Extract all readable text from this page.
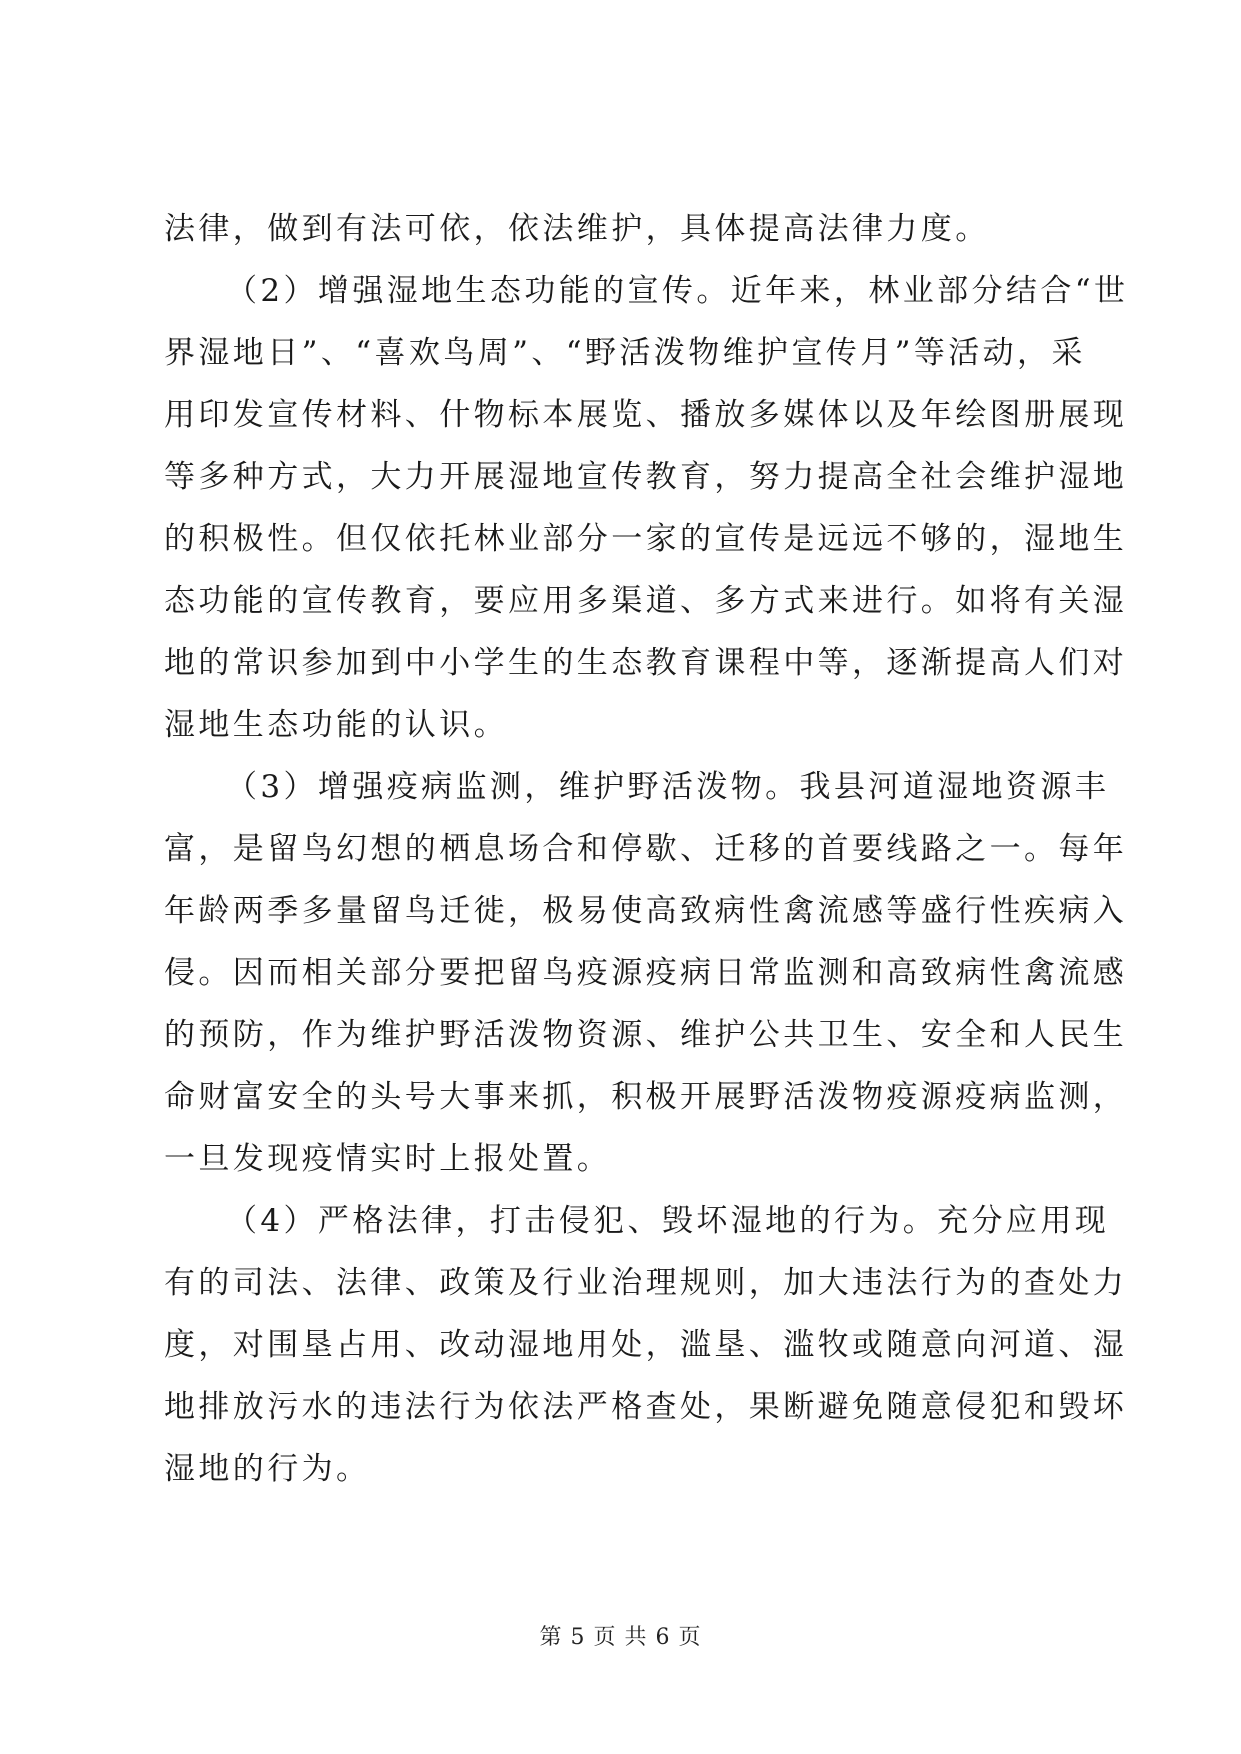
法律，做到有法可依，依法维护，具体提高法律力度。
（2）增强湿地生态功能的宣传。近年来，林业部分结合“世
界湿地日”、“喜欢鸟周”、“野活泼物维护宣传月”等活动，采
用印发宣传材料、什物标本展览、播放多媒体以及年绘图册展现
等多种方式，大力开展湿地宣传教育，努力提高全社会维护湿地
的积极性。但仅依托林业部分一家的宣传是远远不够的，湿地生
态功能的宣传教育，要应用多渠道、多方式来进行。如将有关湿
地的常识参加到中小学生的生态教育课程中等，逐渐提高人们对
湿地生态功能的认识。
（3）增强疫病监测，维护野活泼物。我县河道湿地资源丰
富，是留鸟幻想的栖息场合和停歇、迁移的首要线路之一。每年
年龄两季多量留鸟迁徙，极易使高致病性禽流感等盛行性疾病入
侵。因而相关部分要把留鸟疫源疫病日常监测和高致病性禽流感
的预防，作为维护野活泼物资源、维护公共卫生、安全和人民生
命财富安全的头号大事来抓，积极开展野活泼物疫源疫病监测，
一旦发现疫情实时上报处置。
（4）严格法律，打击侵犯、毁坏湿地的行为。充分应用现
有的司法、法律、政策及行业治理规则，加大违法行为的查处力
度，对围垦占用、改动湿地用处，滥垦、滥牧或随意向河道、湿
地排放污水的违法行为依法严格查处，果断避免随意侵犯和毁坏
湿地的行为。
第 5 页 共 6 页
